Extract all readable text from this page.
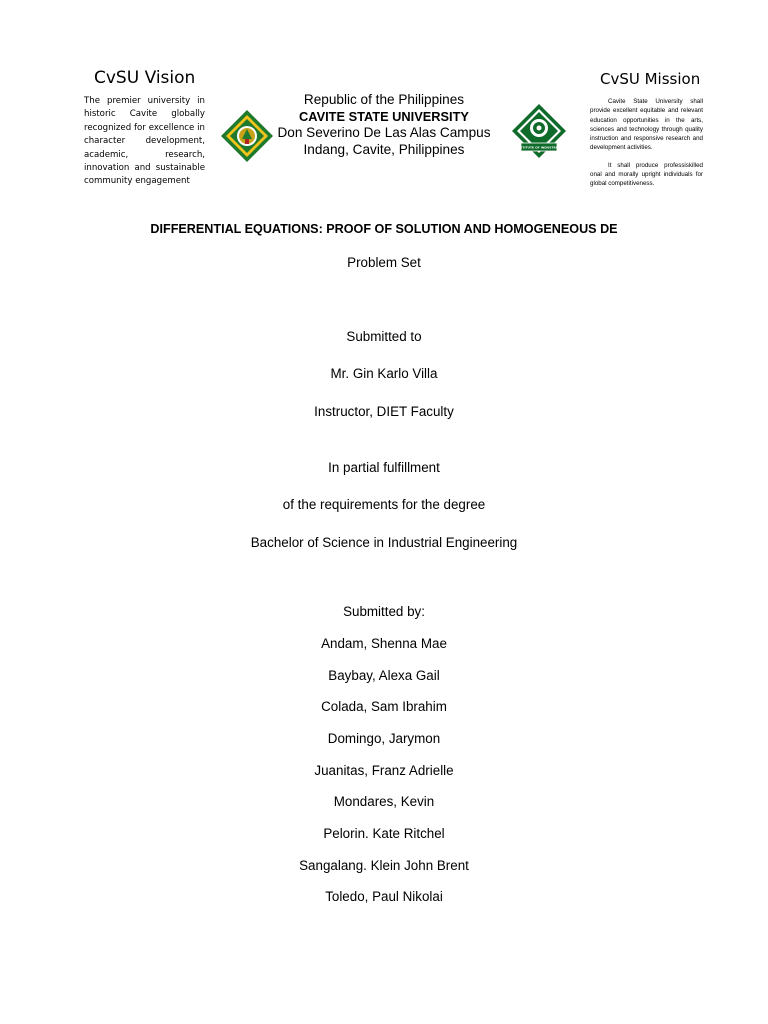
CvSU Vision

The premier university in historic Cavite globally recognized for excellence in character development, academic, research, innovation and sustainable community engagement

Republic of the Philippines
CAVITE STATE UNIVERSITY
Don Severino De Las Alas Campus
Indang, Cavite, Philippines	PHILIPPINE INSTITUTE OF INDUSTRIAL ENGINEERS
CvSU Mission

Cavite State University shall provide excellent equitable and relevant education opportunities in the arts, sciences and technology through quality instruction and responsive research and development activities.

It shall produce professiskilled onal and morally upright individuals for global competitiveness.

DIFFERENTIAL EQUATIONS: PROOF OF SOLUTION AND HOMOGENEOUS DE
Problem Set
Submitted to
Mr. Gin Karlo Villa
Instructor, DIET Faculty
In partial fulfillment
of the requirements for the degree
Bachelor of Science in Industrial Engineering
Submitted by:
Andam, Shenna Mae
Baybay, Alexa Gail
Colada, Sam Ibrahim
Domingo, Jarymon
Juanitas, Franz Adrielle
Mondares, Kevin
Pelorin. Kate Ritchel
Sangalang. Klein John Brent
Toledo, Paul Nikolai
